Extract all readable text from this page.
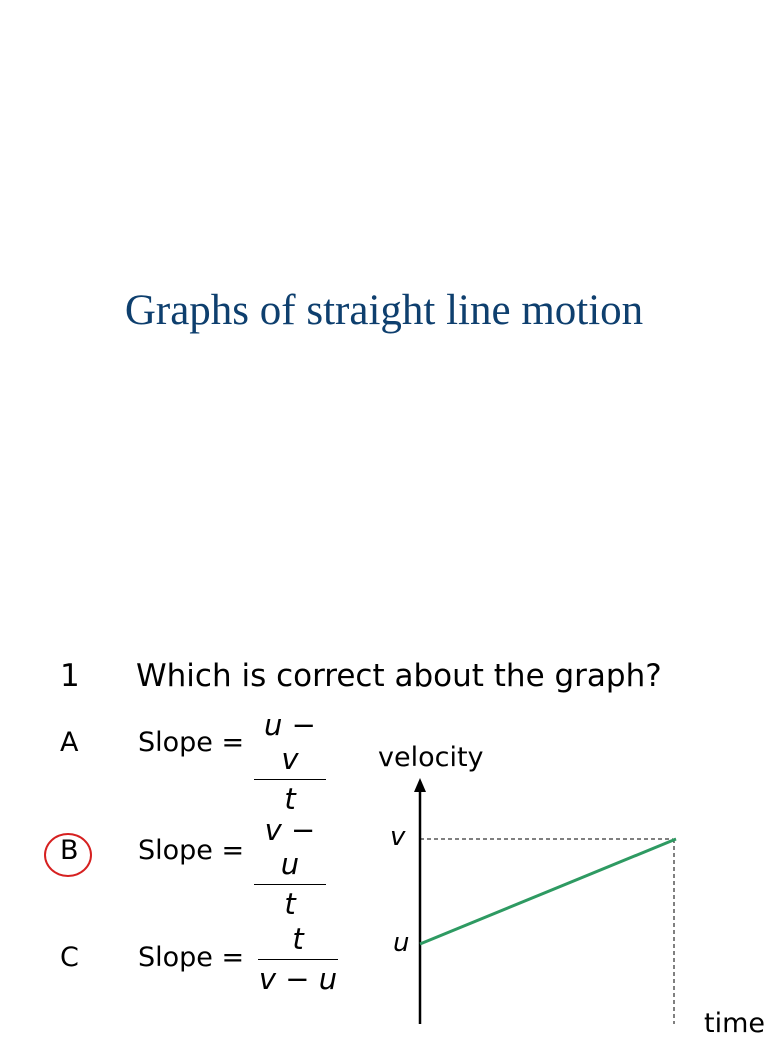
Graphs of straight line motion
1 Which is correct about the graph?
A Slope =
u − v
t
B Slope =
v − u
t
C Slope =
t
v − u
velocity
v
u
time
